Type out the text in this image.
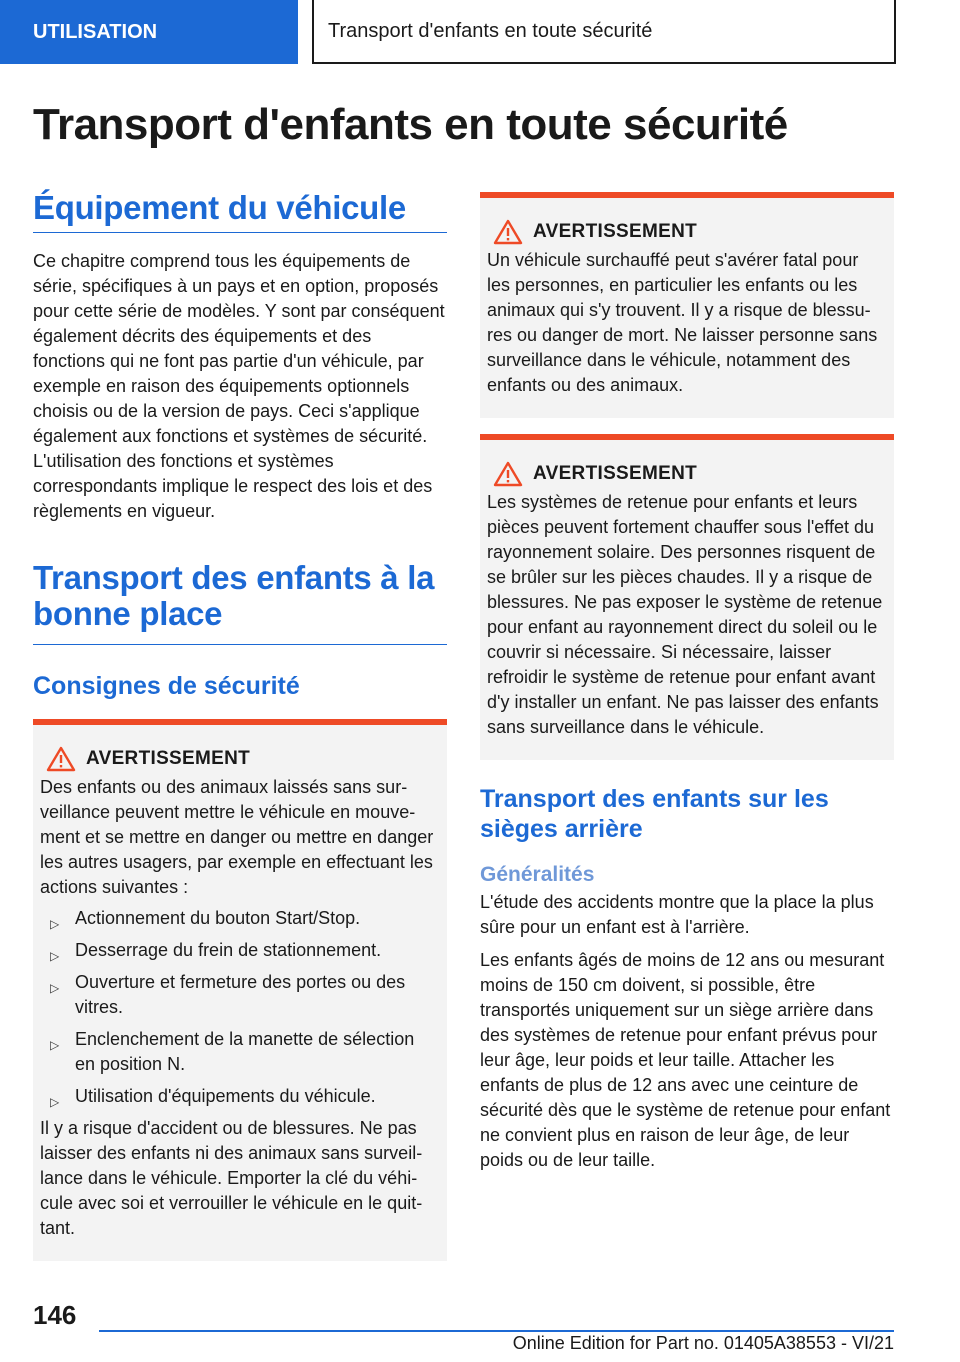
UTILISATION	Transport d'enfants en toute sécurité
Transport d'enfants en toute sécurité
Équipement du véhicule

Ce chapitre comprend tous les équipements de série, spécifiques à un pays et en option, proposés pour cette série de modèles. Y sont par conséquent également décrits des équipements et des fonctions qui ne font pas partie d'un véhicule, par exemple en raison des équipements optionnels choisis ou de la version de pays. Ceci s'applique également aux fonctions et systèmes de sécurité. L'utilisation des fonctions et systèmes correspondants implique le respect des lois et des règlements en vigueur.

Transport des enfants à la bonne place
Consignes de sécurité
AVERTISSEMENT

Des enfants ou des animaux laissés sans surveillance peuvent mettre le véhicule en mouvement et se mettre en danger ou mettre en danger les autres usagers, par exemple en effectuant les actions suivantes :

▷ Actionnement du bouton Start/Stop.
▷ Desserrage du frein de stationnement.
▷ Ouverture et fermeture des portes ou des vitres.
▷ Enclenchement de la manette de sélection en position N.
▷ Utilisation d'équipements du véhicule.

Il y a risque d'accident ou de blessures. Ne pas laisser des enfants ni des animaux sans surveillance dans le véhicule. Emporter la clé du véhicule avec soi et verrouiller le véhicule en le quittant.

AVERTISSEMENT

Un véhicule surchauffé peut s'avérer fatal pour les personnes, en particulier les enfants ou les animaux qui s'y trouvent. Il y a risque de blessures ou danger de mort. Ne laisser personne sans surveillance dans le véhicule, notamment des enfants ou des animaux.

AVERTISSEMENT

Les systèmes de retenue pour enfants et leurs pièces peuvent fortement chauffer sous l'effet du rayonnement solaire. Des personnes risquent de se brûler sur les pièces chaudes. Il y a risque de blessures. Ne pas exposer le système de retenue pour enfant au rayonnement direct du soleil ou le couvrir si nécessaire. Si nécessaire, laisser refroidir le système de retenue pour enfant avant d'y installer un enfant. Ne pas laisser des enfants sans surveillance dans le véhicule.

Transport des enfants sur les sièges arrière
Généralités

L'étude des accidents montre que la place la plus sûre pour un enfant est à l'arrière.

Les enfants âgés de moins de 12 ans ou mesurant moins de 150 cm doivent, si possible, être transportés uniquement sur un siège arrière dans des systèmes de retenue pour enfant prévus pour leur âge, leur poids et leur taille. Attacher les enfants de plus de 12 ans avec une ceinture de sécurité dès que le système de retenue pour enfant ne convient plus en raison de leur âge, de leur poids ou de leur taille.

146
Online Edition for Part no. 01405A38553 - VI/21
